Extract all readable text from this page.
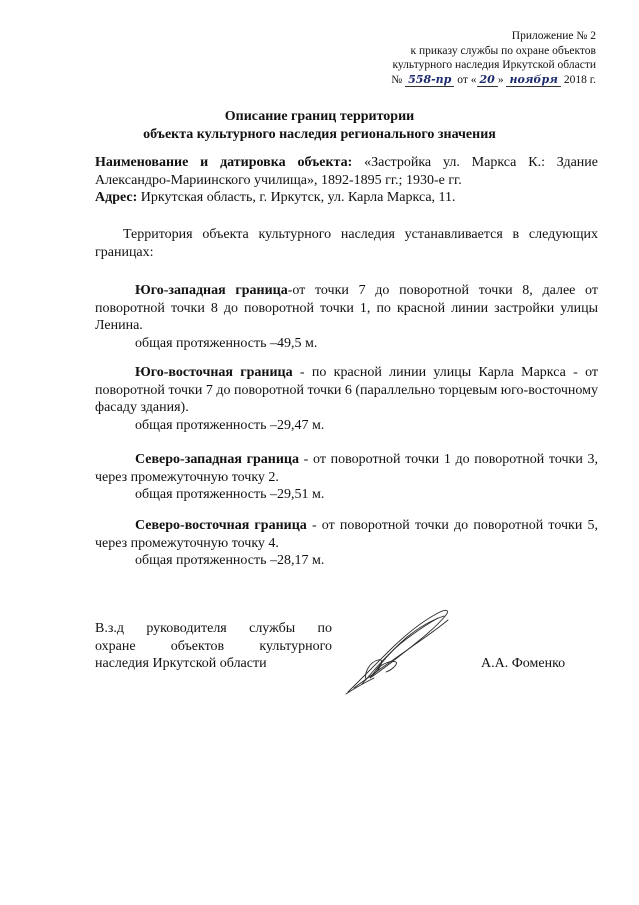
Приложение № 2
к приказу службы по охране объектов
культурного наследия Иркутской области
№ 558-пр от « 20 » ноября 2018 г.
Описание границ территории
объекта культурного наследия регионального значения

Наименование и датировка объекта: «Застройка ул. Маркса К.: Здание Александро-Мариинского училища», 1892-1895 гг.; 1930-е гг.

Адрес: Иркутская область, г. Иркутск, ул. Карла Маркса, 11.

Территория объекта культурного наследия устанавливается в следующих границах:

Юго-западная граница-от точки 7 до поворотной точки 8, далее от поворотной точки 8 до поворотной точки 1, по красной линии застройки улицы Ленина.

общая протяженность –49,5 м.

Юго-восточная граница - по красной линии улицы Карла Маркса - от поворотной точки 7 до поворотной точки 6 (параллельно торцевым юго-восточному фасаду здания).

общая протяженность –29,47 м.

Северо-западная граница - от поворотной точки 1 до поворотной точки 3, через промежуточную точку 2.

общая протяженность –29,51 м.

Северо-восточная граница - от поворотной точки до поворотной точки 5, через промежуточную точку 4.

общая протяженность –28,17 м.

В.з.д руководителя службы по
охране объектов культурного
наследия Иркутской области	А.А. Фоменко
